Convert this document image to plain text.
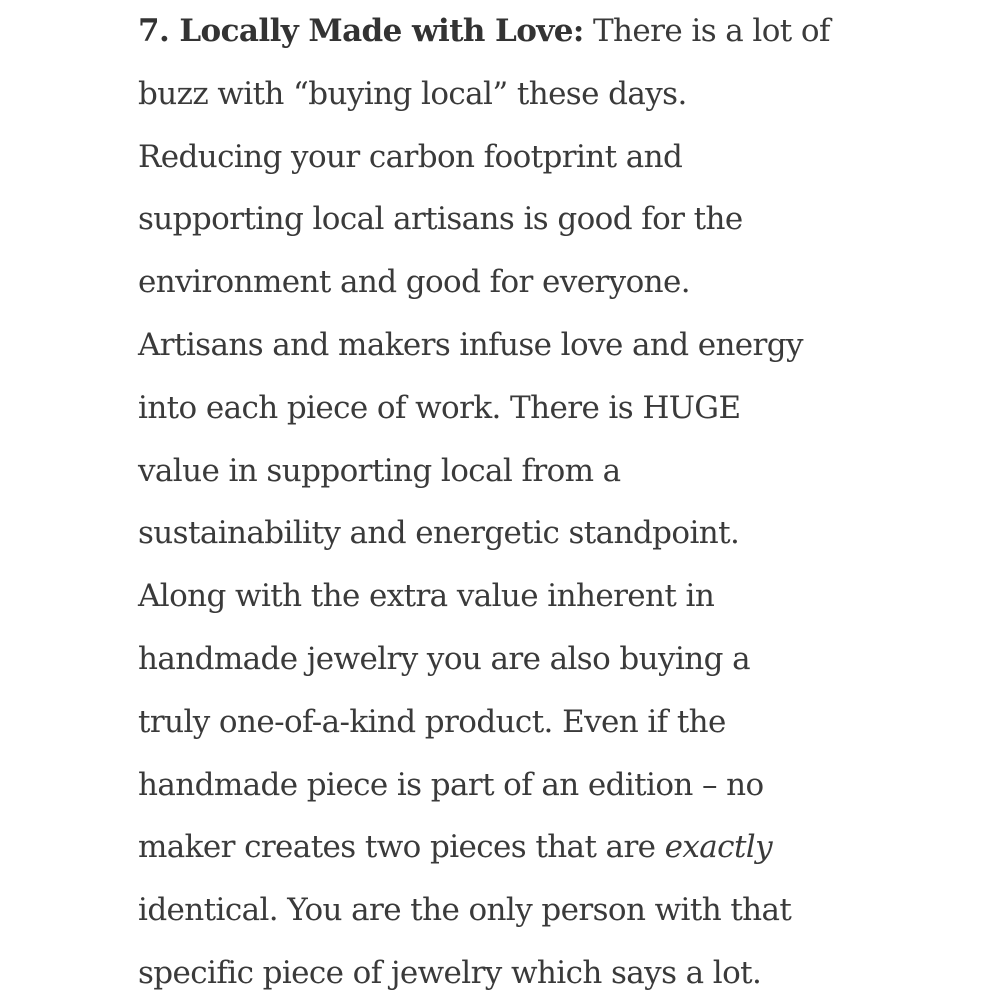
7. Locally Made with Love: There is a lot of
buzz with “buying local” these days.
Reducing your carbon footprint and
supporting local artisans is good for the
environment and good for everyone.
Artisans and makers infuse love and energy
into each piece of work. There is HUGE
value in supporting local from a
sustainability and energetic standpoint.
Along with the extra value inherent in
handmade jewelry you are also buying a
truly one-of-a-kind product. Even if the
handmade piece is part of an edition – no
maker creates two pieces that are exactly
identical. You are the only person with that
specific piece of jewelry which says a lot.
